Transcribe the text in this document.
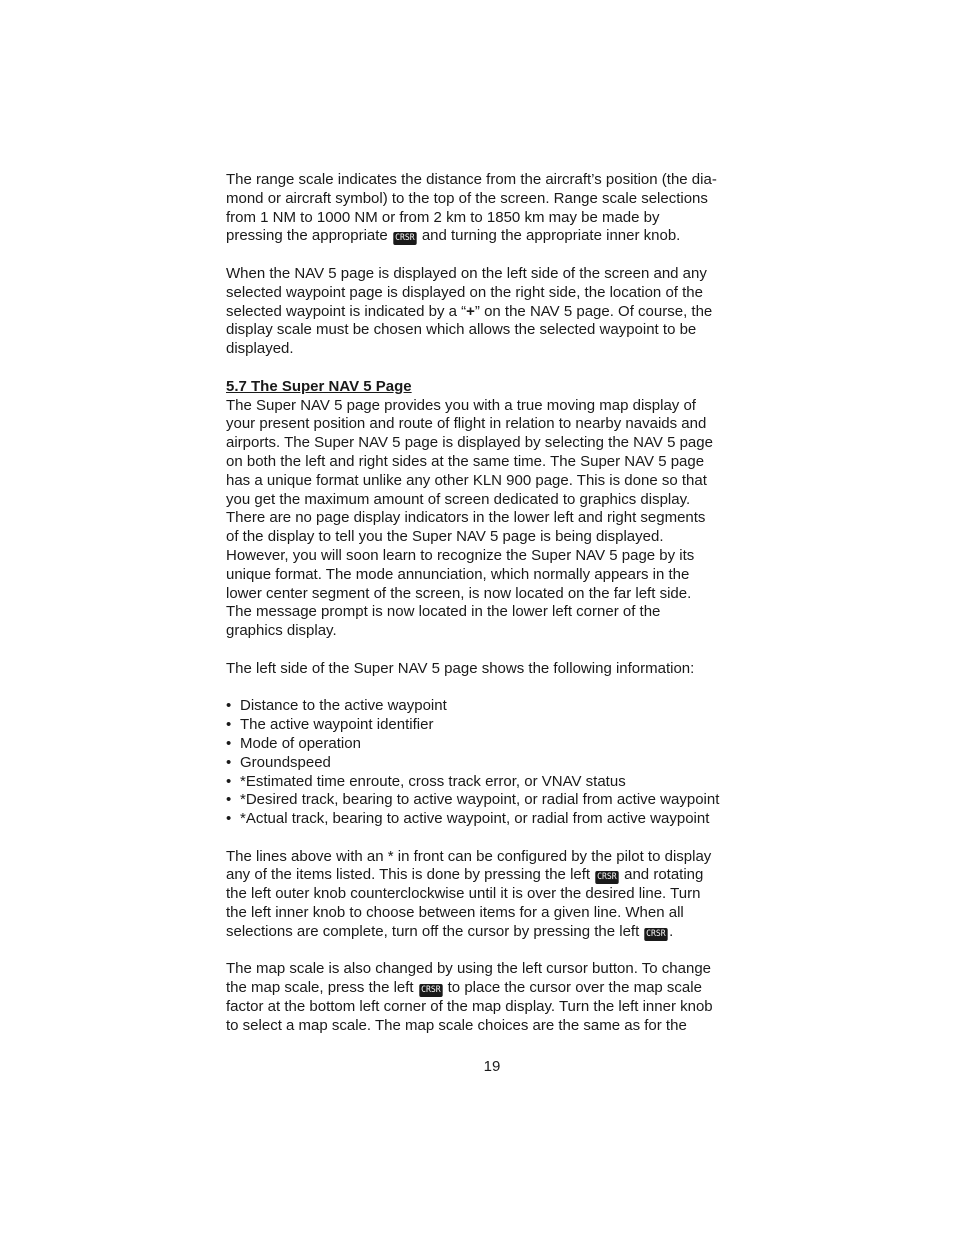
The range scale indicates the distance from the aircraft’s position (the dia-
mond or aircraft symbol) to the top of the screen. Range scale selections
from 1 NM to 1000 NM or from 2 km to 1850 km may be made by
pressing the appropriate CRSR and turning the appropriate inner knob.

When the NAV 5 page is displayed on the left side of the screen and any
selected waypoint page is displayed on the right side, the location of the
selected waypoint is indicated by a “+” on the NAV 5 page. Of course, the
display scale must be chosen which allows the selected waypoint to be
displayed.

5.7 The Super NAV 5 Page

The Super NAV 5 page provides you with a true moving map display of
your present position and route of flight in relation to nearby navaids and
airports. The Super NAV 5 page is displayed by selecting the NAV 5 page
on both the left and right sides at the same time. The Super NAV 5 page
has a unique format unlike any other KLN 900 page. This is done so that
you get the maximum amount of screen dedicated to graphics display.
There are no page display indicators in the lower left and right segments
of the display to tell you the Super NAV 5 page is being displayed.
However, you will soon learn to recognize the Super NAV 5 page by its
unique format. The mode annunciation, which normally appears in the
lower center segment of the screen, is now located on the far left side.
The message prompt is now located in the lower left corner of the
graphics display.

The left side of the Super NAV 5 page shows the following information:

• Distance to the active waypoint
• The active waypoint identifier
• Mode of operation
• Groundspeed
• *Estimated time enroute, cross track error, or VNAV status
• *Desired track, bearing to active waypoint, or radial from active waypoint
• *Actual track, bearing to active waypoint, or radial from active waypoint

The lines above with an * in front can be configured by the pilot to display
any of the items listed. This is done by pressing the left CRSR and rotating
the left outer knob counterclockwise until it is over the desired line. Turn
the left inner knob to choose between items for a given line. When all
selections are complete, turn off the cursor by pressing the left CRSR .

The map scale is also changed by using the left cursor button. To change
the map scale, press the left CRSR to place the cursor over the map scale
factor at the bottom left corner of the map display. Turn the left inner knob
to select a map scale. The map scale choices are the same as for the

19
